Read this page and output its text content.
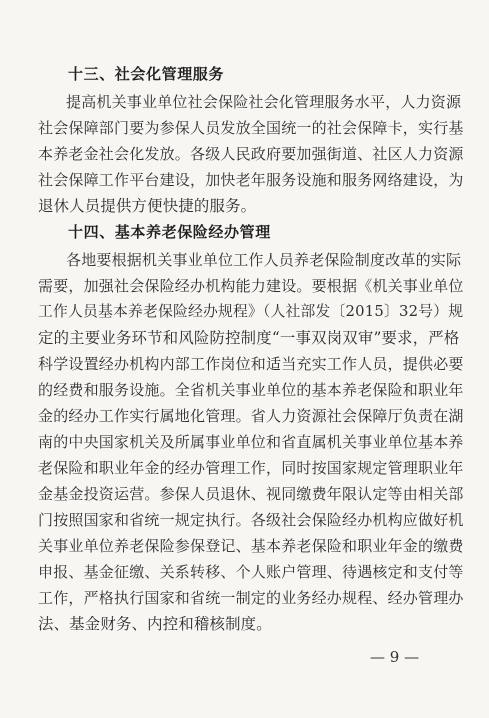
十三、社会化管理服务
提高机关事业单位社会保险社会化管理服务水平，人力资源
社会保障部门要为参保人员发放全国统一的社会保障卡，实行基
本养老金社会化发放。各级人民政府要加强街道、社区人力资源
社会保障工作平台建设，加快老年服务设施和服务网络建设，为
退休人员提供方便快捷的服务。
十四、基本养老保险经办管理
各地要根据机关事业单位工作人员养老保险制度改革的实际
需要，加强社会保险经办机构能力建设。要根据《机关事业单位
工作人员基本养老保险经办规程》（人社部发〔2015〕32号）规
定的主要业务环节和风险防控制度“一事双岗双审”要求，严格
科学设置经办机构内部工作岗位和适当充实工作人员，提供必要
的经费和服务设施。全省机关事业单位的基本养老保险和职业年
金的经办工作实行属地化管理。省人力资源社会保障厅负责在湖
南的中央国家机关及所属事业单位和省直属机关事业单位基本养
老保险和职业年金的经办管理工作，同时按国家规定管理职业年
金基金投资运营。参保人员退休、视同缴费年限认定等由相关部
门按照国家和省统一规定执行。各级社会保险经办机构应做好机
关事业单位养老保险参保登记、基本养老保险和职业年金的缴费
申报、基金征缴、关系转移、个人账户管理、待遇核定和支付等
工作，严格执行国家和省统一制定的业务经办规程、经办管理办
法、基金财务、内控和稽核制度。
— 9 —
